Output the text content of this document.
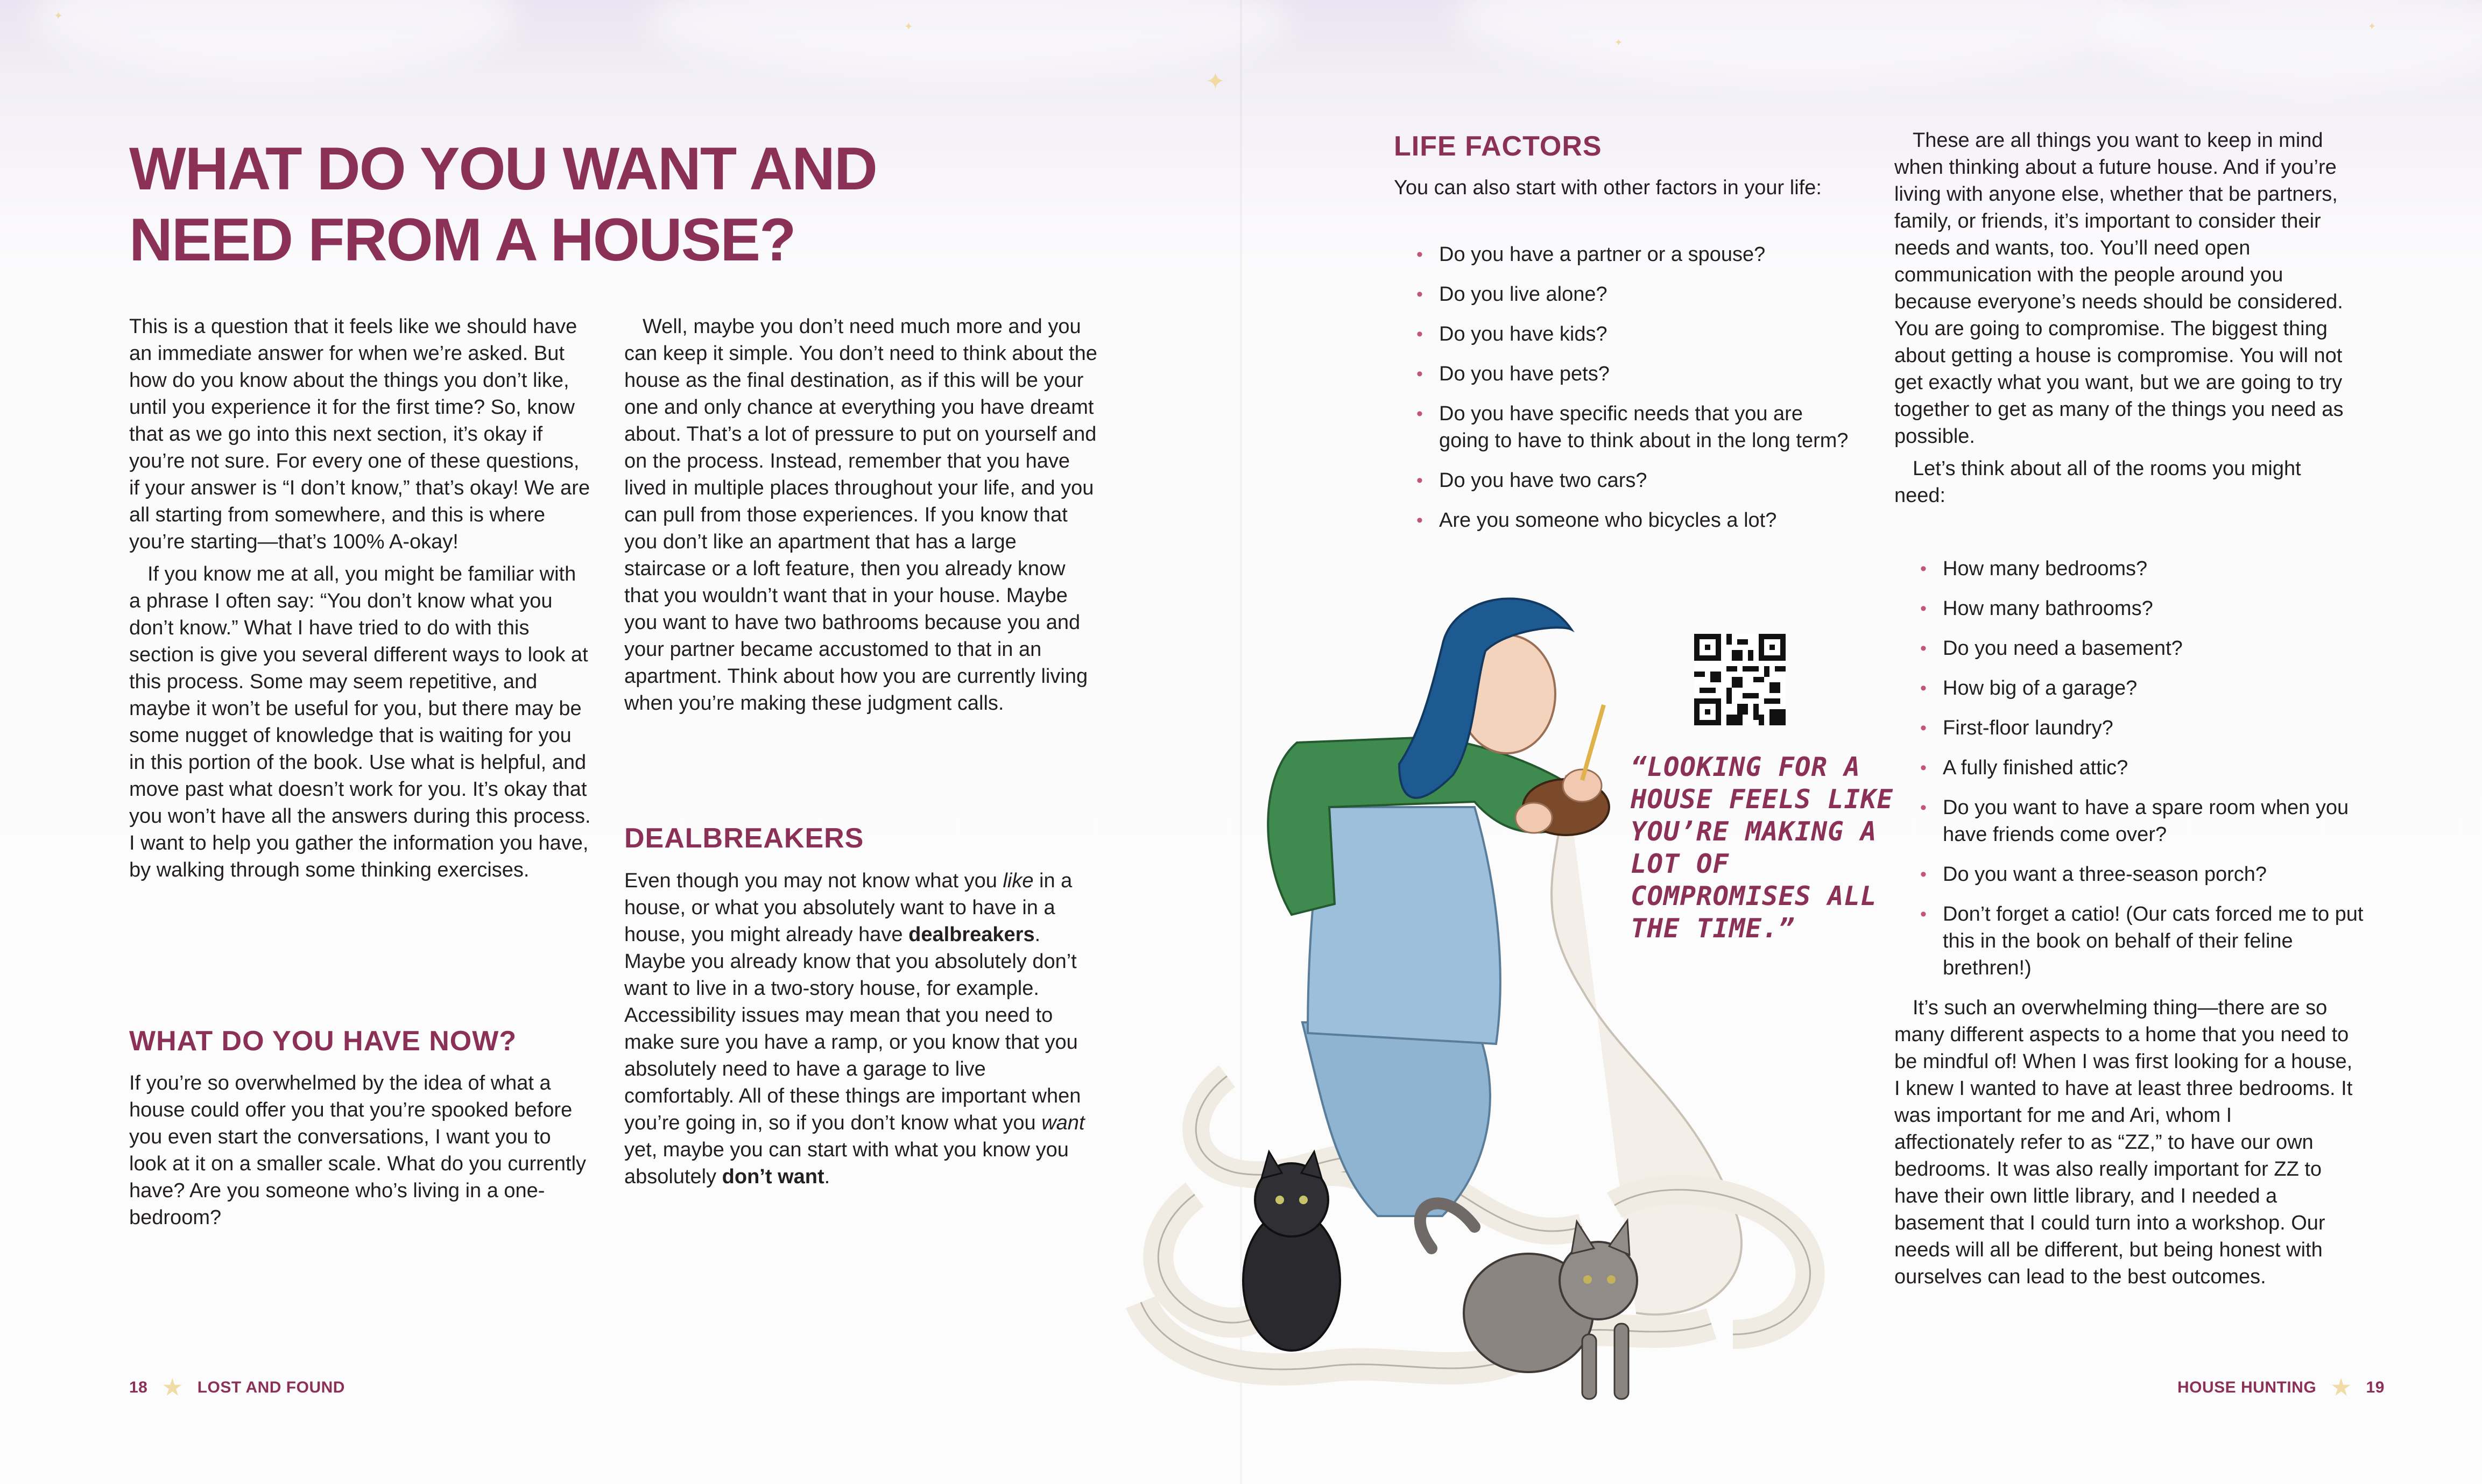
✦
✦
✦
✦
✦
WHAT DO YOU WANT AND NEED FROM A HOUSE?

This is a question that it feels like we should have an immediate answer for when we’re asked. But how do you know about the things you don’t like, until you experience it for the first time? So, know that as we go into this next section, it’s okay if you’re not sure. For every one of these questions, if your answer is “I don’t know,” that’s okay! We are all starting from somewhere, and this is where you’re starting—that’s 100% A-okay!

If you know me at all, you might be familiar with a phrase I often say: “You don’t know what you don’t know.” What I have tried to do with this section is give you several different ways to look at this process. Some may seem repetitive, and maybe it won’t be useful for you, but there may be some nugget of knowledge that is waiting for you in this portion of the book. Use what is helpful, and move past what doesn’t work for you. It’s okay that you won’t have all the answers during this process. I want to help you gather the information you have, by walking through some thinking exercises.

WHAT DO YOU HAVE NOW?

If you’re so overwhelmed by the idea of what a house could offer you that you’re spooked before you even start the conversations, I want you to look at it on a smaller scale. What do you currently have? Are you someone who’s living in a one-bedroom?

Well, maybe you don’t need much more and you can keep it simple. You don’t need to think about the house as the final destination, as if this will be your one and only chance at everything you have dreamt about. That’s a lot of pressure to put on yourself and on the process. Instead, remember that you have lived in multiple places throughout your life, and you can pull from those experiences. If you know that you don’t like an apartment that has a large staircase or a loft feature, then you already know that you wouldn’t want that in your house. Maybe you want to have two bathrooms because you and your partner became accustomed to that in an apartment. Think about how you are currently living when you’re making these judgment calls.

DEALBREAKERS

Even though you may not know what you like in a house, or what you absolutely want to have in a house, you might already have dealbreakers. Maybe you already know that you absolutely don’t want to live in a two-story house, for example. Accessibility issues may mean that you need to make sure you have a ramp, or you know that you absolutely need to have a garage to live comfortably. All of these things are important when you’re going in, so if you don’t know what you want yet, maybe you can start with what you know you absolutely don’t want.

18 ★ LOST AND FOUND
“LOOKING FOR A HOUSE FEELS LIKE YOU’RE MAKING A LOT OF COMPROMISES ALL THE TIME.”
LIFE FACTORS

You can also start with other factors in your life:

• Do you have a partner or a spouse?
• Do you live alone?
• Do you have kids?
• Do you have pets?
• Do you have specific needs that you are going to have to think about in the long term?
• Do you have two cars?
• Are you someone who bicycles a lot?

These are all things you want to keep in mind when thinking about a future house. And if you’re living with anyone else, whether that be partners, family, or friends, it’s important to consider their needs and wants, too. You’ll need open communication with the people around you because everyone’s needs should be considered. You are going to compromise. The biggest thing about getting a house is compromise. You will not get exactly what you want, but we are going to try together to get as many of the things you need as possible.

Let’s think about all of the rooms you might need:

• How many bedrooms?
• How many bathrooms?
• Do you need a basement?
• How big of a garage?
• First-floor laundry?
• A fully finished attic?
• Do you want to have a spare room when you have friends come over?
• Do you want a three-season porch?
• Don’t forget a catio! (Our cats forced me to put this in the book on behalf of their feline brethren!)

It’s such an overwhelming thing—there are so many different aspects to a home that you need to be mindful of! When I was first looking for a house, I knew I wanted to have at least three bedrooms. It was important for me and Ari, whom I affectionately refer to as “ZZ,” to have our own bedrooms. It was also really important for ZZ to have their own little library, and I needed a basement that I could turn into a workshop. Our needs will all be different, but being honest with ourselves can lead to the best outcomes.

HOUSE HUNTING ★ 19
